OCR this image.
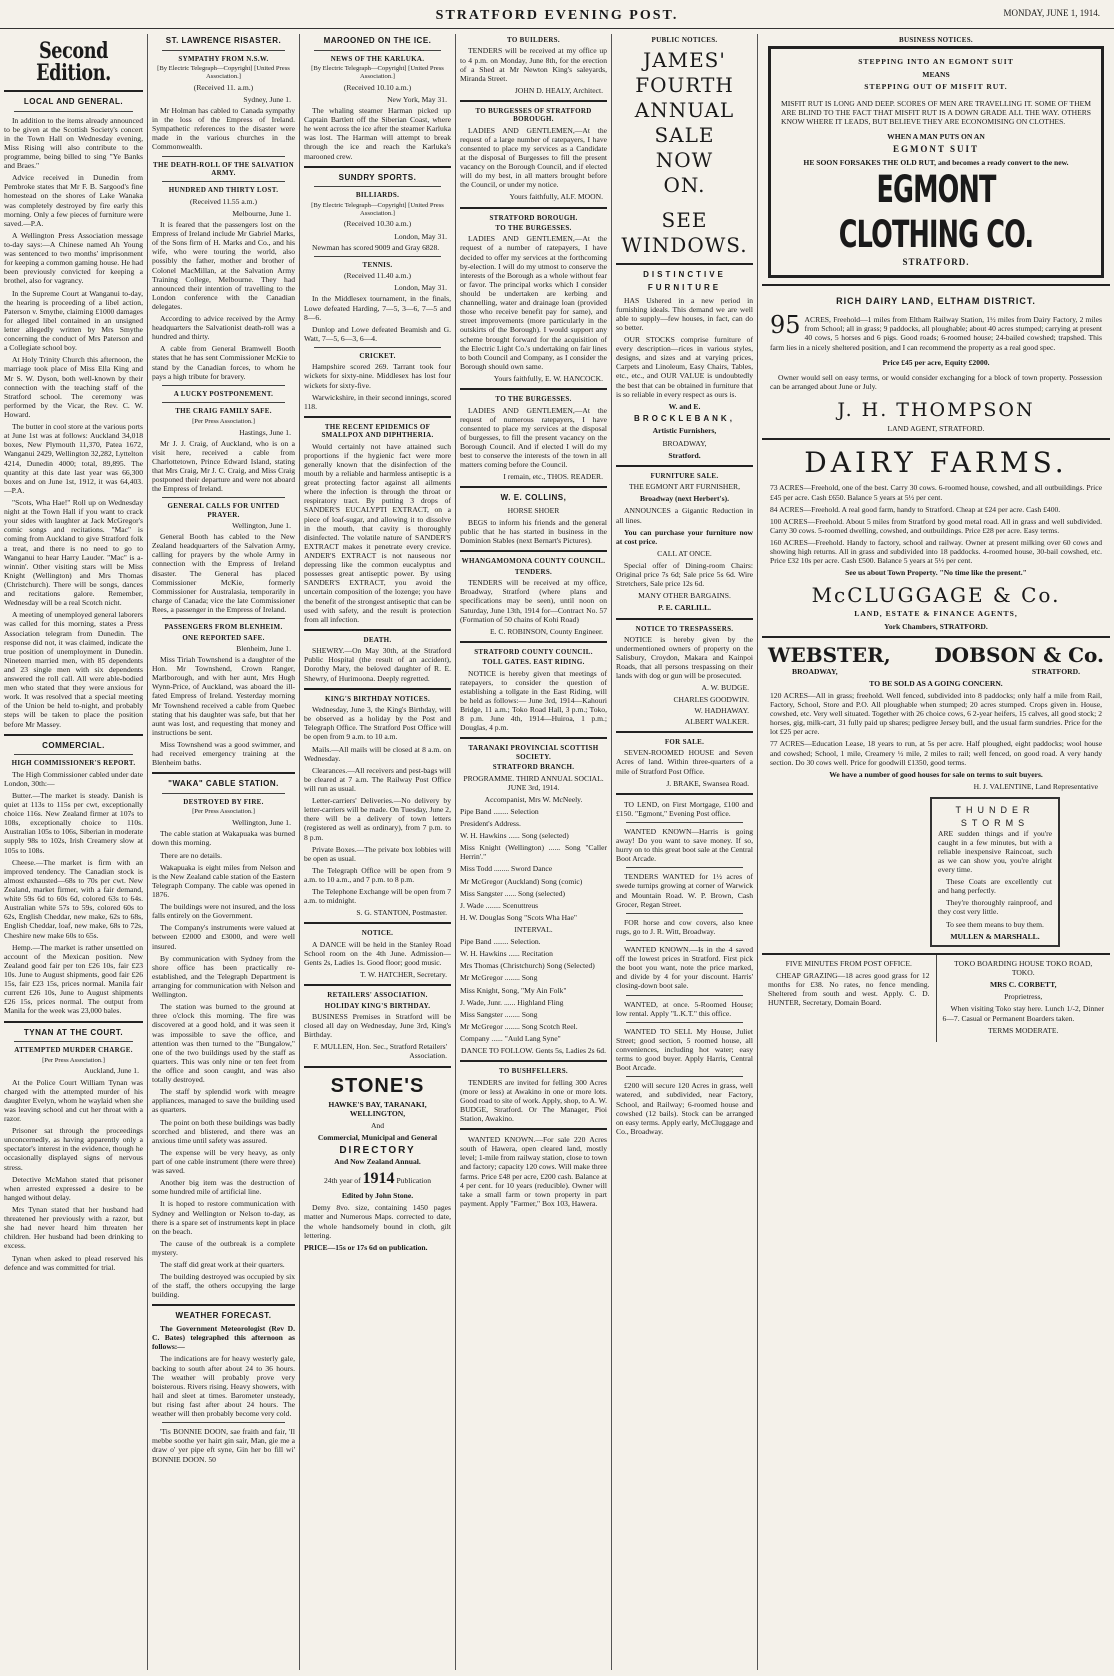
STRATFORD EVENING POST.	MONDAY, JUNE 1, 1914.
Second Edition.
LOCAL AND GENERAL.

In addition to the items already announced to be given at the Scottish Society's concert in the Town Hall on Wednesday evening, Miss Rising will also contribute to the programme, being billed to sing "Ye Banks and Braes."

Advice received in Dunedin from Pembroke states that Mr F. B. Sargood's fine homestead on the shores of Lake Wanaka was completely destroyed by fire early this morning. Only a few pieces of furniture were saved.—P.A.

A Wellington Press Association message to-day says:—A Chinese named Ah Young was sentenced to two months' imprisonment for keeping a common gaming house. He had been previously convicted for keeping a brothel, also for vagrancy.

In the Supreme Court at Wanganui to-day, the hearing is proceeding of a libel action, Paterson v. Smythe, claiming £1000 damages for alleged libel contained in an unsigned letter allegedly written by Mrs Smythe concerning the conduct of Mrs Paterson and a Collegiate school boy.

At Holy Trinity Church this afternoon, the marriage took place of Miss Ella King and Mr S. W. Dyson, both well-known by their connection with the teaching staff of the Stratford school. The ceremony was performed by the Vicar, the Rev. C. W. Howard.

The butter in cool store at the various ports at June 1st was at follows: Auckland 34,018 boxes, New Plymouth 11,370, Patea 1672, Wanganui 2429, Wellington 32,282, Lyttelton 4214, Dunedin 4000; total, 89,895. The quantity at this date last year was 66,300 boxes and on June 1st, 1912, it was 64,403.—P.A.

"Scots, Wha Hae!" Roll up on Wednesday night at the Town Hall if you want to crack your sides with laughter at Jack McGregor's comic songs and recitations. "Mac" is coming from Auckland to give Stratford folk a treat, and there is no need to go to Wanganui to hear Harry Lauder. "Mac" is a-winnin'. Other visiting stars will be Miss Knight (Wellington) and Mrs Thomas (Christchurch). There will be songs, dances and recitations galore. Remember, Wednesday will be a real Scotch nicht.

A meeting of unemployed general laborers was called for this morning, states a Press Association telegram from Dunedin. The response did not, it was claimed, indicate the true position of unemployment in Dunedin. Nineteen married men, with 85 dependents and 23 single men with six dependents answered the roll call. All were able-bodied men who stated that they were anxious for work. It was resolved that a special meeting of the Union be held to-night, and probably steps will be taken to place the position before Mr Massey.

COMMERCIAL.
HIGH COMMISSIONER'S REPORT.

The High Commissioner cabled under date London, 30th:—

Butter.—The market is steady. Danish is quiet at 113s to 115s per cwt, exceptionally choice 116s. New Zealand firmer at 107s to 108s, exceptionally choice to 110s. Australian 105s to 106s, Siberian in moderate supply 98s to 102s, Irish Creamery slow at 105s to 108s.

Cheese.—The market is firm with an improved tendency. The Canadian stock is almost exhausted—68s to 70s per cwt. New Zealand, market firmer, with a fair demand, white 59s 6d to 60s 6d, colored 63s to 64s. Australian white 57s to 59s, colored 60s to 62s, English Cheddar, new make, 62s to 68s, English Cheddar, loaf, new make, 68s to 72s, Cheshire new make 60s to 65s.

Hemp.—The market is rather unsettled on account of the Mexican position. New Zealand good fair per ton £26 10s, fair £23 10s. June to August shipments, good fair £26 15s, fair £23 15s, prices normal. Manila fair current £26 10s, June to August shipments £26 15s, prices normal. The output from Manila for the week was 23,000 bales.

TYNAN AT THE COURT.
ATTEMPTED MURDER CHARGE.

[Per Press Association.]

Auckland, June 1.

At the Police Court William Tynan was charged with the attempted murder of his daughter Evelyn, whom he waylaid when she was leaving school and cut her throat with a razor.

Prisoner sat through the proceedings unconcernedly, as having apparently only a spectator's interest in the evidence, though he occasionally displayed signs of nervous stress.

Detective McMahon stated that prisoner when arrested expressed a desire to be hanged without delay.

Mrs Tynan stated that her husband had threatened her previously with a razor, but she had never heard him threaten her children. Her husband had been drinking to excess.

Tynan when asked to plead reserved his defence and was committed for trial.

ST. LAWRENCE RISASTER.
SYMPATHY FROM N.S.W.

[By Electric Telegraph—Copyright] [United Press Association.]

(Received 11. a.m.)

Sydney, June 1.

Mr Holman has cabled to Canada sympathy in the loss of the Empress of Ireland. Sympathetic references to the disaster were made in the various churches in the Commonwealth.

THE DEATH-ROLL OF THE SALVATION ARMY.
HUNDRED AND THIRTY LOST.

(Received 11.55 a.m.)

Melbourne, June 1.

It is feared that the passengers lost on the Empress of Ireland include Mr Gabriel Marks, of the Sons firm of H. Marks and Co., and his wife, who were touring the world, also possibly the father, mother and brother of Colonel MacMillan, at the Salvation Army Training College, Melbourne. They had announced their intention of travelling to the London conference with the Canadian delegates.

According to advice received by the Army headquarters the Salvationist death-roll was a hundred and thirty.

A cable from General Bramwell Booth states that he has sent Commissioner McKie to stand by the Canadian forces, to whom he pays a high tribute for bravery.

A LUCKY POSTPONEMENT.
THE CRAIG FAMILY SAFE.

[Per Press Association.]

Hastings, June 1.

Mr J. J. Craig, of Auckland, who is on a visit here, received a cable from Charlottetown, Prince Edward Island, stating that Mrs Craig, Mr J. C. Craig, and Miss Craig postponed their departure and were not aboard the Empress of Ireland.

GENERAL CALLS FOR UNITED PRAYER.

Wellington, June 1.

General Booth has cabled to the New Zealand headquarters of the Salvation Army, calling for prayers by the whole Army in connection with the Empress of Ireland disaster. The General has placed Commissioner McKie, formerly Commissioner for Australasia, temporarily in charge of Canada; vice the late Commissioner Rees, a passenger in the Empress of Ireland.

PASSENGERS FROM BLENHEIM.
ONE REPORTED SAFE.

Blenheim, June 1.

Miss Tiriah Townshend is a daughter of the Hon. Mr Townshend, Crown Ranger, Marlborough, and with her aunt, Mrs Hugh Wynn-Price, of Auckland, was aboard the ill-fated Empress of Ireland. Yesterday morning Mr Townshend received a cable from Quebec stating that his daughter was safe, but that her aunt was lost, and requesting that money and instructions be sent.

Miss Townshend was a good swimmer, and had received emergency training at the Blenheim baths.

"WAKA" CABLE STATION.
DESTROYED BY FIRE.

[Per Press Association.]

Wellington, June 1.

The cable station at Wakapuaka was burned down this morning.

There are no details.

Wakapuaka is eight miles from Nelson and is the New Zealand cable station of the Eastern Telegraph Company. The cable was opened in 1876.

The buildings were not insured, and the loss falls entirely on the Government.

The Company's instruments were valued at between £2000 and £3000, and were well insured.

By communication with Sydney from the shore office has been practically re-established, and the Telegraph Department is arranging for communication with Nelson and Wellington.

The station was burned to the ground at three o'clock this morning. The fire was discovered at a good hold, and it was seen it was impossible to save the office, and attention was then turned to the "Bungalow," one of the two buildings used by the staff as quarters. This was only nine or ten feet from the office and soon caught, and was also totally destroyed.

The staff by splendid work with meagre appliances, managed to save the building used as quarters.

The point on both these buildings was badly scorched and blistered, and there was an anxious time until safety was assured.

The expense will be very heavy, as only part of one cable instrument (there were three) was saved.

Another big item was the destruction of some hundred mile of artificial line.

It is hoped to restore communication with Sydney and Wellington or Nelson to-day, as there is a spare set of instruments kept in place on the beach.

The cause of the outbreak is a complete mystery.

The staff did great work at their quarters.

The building destroyed was occupied by six of the staff, the others occupying the large building.

WEATHER FORECAST.

The Government Meteorologist (Rev D. C. Bates) telegraphed this afternoon as follows:—

The indications are for heavy westerly gale, backing to south after about 24 to 36 hours. The weather will probably prove very boisterous. Rivers rising. Heavy showers, with hail and sleet at times. Barometer unsteady, but rising fast after about 24 hours. The weather will then probably become very cold.

'Tis BONNIE DOON, sae fraith and fair, 'Il mebbe soothe yer hairt gin sair, Man, gie me a draw o' yer pipe eft syne, Gin her bo fill wi' BONNIE DOON. 50

MAROONED ON THE ICE.
NEWS OF THE KARLUKA.

[By Electric Telegraph—Copyright] [United Press Association.]

(Received 10.10 a.m.)

New York, May 31.

The whaling steamer Harman picked up Captain Bartlett off the Siberian Coast, where he went across the ice after the steamer Karluka was lost. The Harman will attempt to break through the ice and reach the Karluka's marooned crew.

SUNDRY SPORTS.
BILLIARDS.

[By Electric Telegraph—Copyright] [United Press Association.]

(Received 10.30 a.m.)

London, May 31.

Newman has scored 9009 and Gray 6828.

TENNIS.

(Received 11.40 a.m.)

London, May 31.

In the Middlesex tournament, in the finals, Lowe defeated Harding, 7—5, 3—6, 7—5 and 8—6.

Dunlop and Lowe defeated Beamish and G. Watt, 7—5, 6—3, 6—4.

CRICKET.

Hampshire scored 269. Tarrant took four wickets for sixty-nine. Middlesex has lost four wickets for sixty-five.

Warwickshire, in their second innings, scored 118.

THE RECENT EPIDEMICS OF SMALLPOX AND DIPHTHERIA.

Would certainly not have attained such proportions if the hygienic fact were more generally known that the disinfection of the mouth by a reliable and harmless antiseptic is a great protecting factor against all ailments where the infection is through the throat or respiratory tract. By putting 3 drops of SANDER'S EUCALYPTI EXTRACT, on a piece of loaf-sugar, and allowing it to dissolve in the mouth, that cavity is thoroughly disinfected. The volatile nature of SANDER'S EXTRACT makes it penetrate every crevice. ANDER'S EXTRACT is not nauseous nor depressing like the common eucalyptus and possesses great antiseptic power. By using SANDER'S EXTRACT, you avoid the uncertain composition of the lozenge; you have the benefit of the strongest antiseptic that can be used with safety, and the result is protection from all infection.

DEATH.

SHEWRY.—On May 30th, at the Stratford Public Hospital (the result of an accident), Dorothy Mary, the beloved daughter of R. E. Shewry, of Hurimoona. Deeply regretted.

KING'S BIRTHDAY NOTICES.

Wednesday, June 3, the King's Birthday, will be observed as a holiday by the Post and Telegraph Office. The Stratford Post Office will be open from 9 a.m. to 10 a.m.

Mails.—All mails will be closed at 8 a.m. on Wednesday.

Clearances.—All receivers and pest-bags will be cleared at 7 a.m. The Railway Post Office will run as usual.

Letter-carriers' Deliveries.—No delivery by letter-carriers will be made. On Tuesday, June 2, there will be a delivery of town letters (registered as well as ordinary), from 7 p.m. to 8 p.m.

Private Boxes.—The private box lobbies will be open as usual.

The Telegraph Office will be open from 9 a.m. to 10 a.m., and 7 p.m. to 8 p.m.

The Telephone Exchange will be open from 7 a.m. to midnight.

S. G. STANTON, Postmaster.

NOTICE.

A DANCE will be held in the Stanley Road School room on the 4th June. Admission—Gents 2s, Ladies 1s. Good floor; good music.

T. W. HATCHER, Secretary.

RETAILERS' ASSOCIATION.
HOLIDAY KING'S BIRTHDAY.

BUSINESS Premises in Stratford will be closed all day on Wednesday, June 3rd, King's Birthday.

F. MULLEN, Hon. Sec., Stratford Retailers' Association.

STONE'S

HAWKE'S BAY, TARANAKI, WELLINGTON,

And

Commercial, Municipal and General

DIRECTORY

And Now Zealand Annual.

24th year of 1914 Publication

Edited by John Stone.

Demy 8vo. size, containing 1450 pages matter and Numerous Maps. corrected to date, the whole handsomely bound in cloth, gilt lettering.

PRICE—15s or 17s 6d on publication.

TO BUILDERS.

TENDERS will be received at my office up to 4 p.m. on Monday, June 8th, for the erection of a Shed at Mr Newton King's saleyards, Miranda Street.

JOHN D. HEALY, Architect.

TO BURGESSES OF STRATFORD BOROUGH.

LADIES AND GENTLEMEN,—At the request of a large number of ratepayers, I have consented to place my services as a Candidate at the disposal of Burgesses to fill the present vacancy on the Borough Council, and if elected will do my best, in all matters brought before the Council, or under my notice.

Yours faithfully, ALF. MOON.

STRATFORD BOROUGH.
TO THE BURGESSES.

LADIES AND GENTLEMEN,—At the request of a number of ratepayers, I have decided to offer my services at the forthcoming by-election. I will do my utmost to conserve the interests of the Borough as a whole without fear or favor. The principal works which I consider should be undertaken are kerbing and channelling, water and drainage loan (provided those who receive benefit pay for same), and street improvements (more particularly in the outskirts of the Borough). I would support any scheme brought forward for the acquisition of the Electric Light Co.'s undertaking on fair lines to both Council and Company, as I consider the Borough should own same.

Yours faithfully, E. W. HANCOCK.

TO THE BURGESSES.

LADIES AND GENTLEMEN,—At the request of numerous ratepayers, I have consented to place my services at the disposal of burgesses, to fill the present vacancy on the Borough Council. And if elected I will do my best to conserve the interests of the town in all matters coming before the Council.

I remain, etc., THOS. READER.

W. E. COLLINS,

HORSE SHOER

BEGS to inform his friends and the general public that he has started in business in the Dominion Stables (next Bernart's Pictures).

WHANGAMOMONA COUNTY COUNCIL.
TENDERS.

TENDERS will be received at my office, Broadway, Stratford (where plans and specifications may be seen), until noon on Saturday, June 13th, 1914 for—Contract No. 57 (Formation of 50 chains of Kohi Road)

E. C. ROBINSON, County Engineer.

STRATFORD COUNTY COUNCIL.
TOLL GATES. EAST RIDING.

NOTICE is hereby given that meetings of ratepayers, to consider the question of establishing a tollgate in the East Riding, will be held as follows:— June 3rd, 1914—Kahouri Bridge, 11 a.m.; Toko Road Hall, 3 p.m.; Toko, 8 p.m. June 4th, 1914—Huiroa, 1 p.m.; Douglas, 4 p.m.

TARANAKI PROVINCIAL SCOTTISH SOCIETY.
STRATFORD BRANCH.

PROGRAMME. THIRD ANNUAL SOCIAL. JUNE 3rd, 1914.

Accompanist, Mrs W. McNeely.

Pipe Band ........ Selection

President's Address.

W. H. Hawkins ...... Song (selected)

Miss Knight (Wellington) ...... Song "Caller Herrin'."

Miss Todd ........ Sword Dance

Mr McGregor (Auckland) Song (comic)

Miss Sangster ...... Song (selected)

J. Wade ........ Scenuttreus

H. W. Douglas Song "Scots Wha Hae"

INTERVAL.

Pipe Band ........ Selection.

W. H. Hawkins ...... Recitation

Mrs Thomas (Christchurch) Song (Selected)

Mr McGregor ........ Song

Miss Knight, Song, "My Ain Folk"

J. Wade, Junr. ...... Highland Fling

Miss Sangster ........ Song

Mr McGregor ........ Song Scotch Reel.

Company ...... "Auld Lang Syne"

DANCE TO FOLLOW. Gents 5s, Ladies 2s 6d.

TO BUSHFELLERS.

TENDERS are invited for felling 300 Acres (more or less) at Awakino in one or more lots. Good road to site of work. Apply, shop, to A. W. BUDGE, Stratford. Or The Manager, Pioi Station, Awakino.

WANTED KNOWN.—For sale 220 Acres south of Hawera, open cleared land, mostly level; 1-mile from railway station, close to town and factory; capacity 120 cows. Will make three farms. Price £48 per acre, £200 cash. Balance at 4 per cent. for 10 years (reducible). Owner will take a small farm or town property in part payment. Apply "Farmer," Box 103, Hawera.

PUBLIC NOTICES.
JAMES'
FOURTH
ANNUAL
SALE
NOW
ON.
SEE
WINDOWS.
DISTINCTIVE
FURNITURE

HAS Ushered in a new period in furnishing ideals. This demand we are well able to supply—few houses, in fact, can do so better.

OUR STOCKS comprise furniture of every description—rices in various styles, designs, and sizes and at varying prices, Carpets and Linoleum, Easy Chairs, Tables, etc., etc., and OUR VALUE is undoubtedly the best that can be obtained in furniture that is so reliable in every respect as ours is.

W. and E.

BROCKLEBANK,

Artistic Furnishers,

BROADWAY,

Stratford.

FURNITURE SALE.

THE EGMONT ART FURNISHER,

Broadway (next Herbert's).

ANNOUNCES a Gigantic Reduction in all lines.

You can purchase your furniture now at cost price.

CALL AT ONCE.

Special offer of Dining-room Chairs: Original price 7s 6d; Sale price 5s 6d. Wire Stretchers, Sale price 12s 6d.

MANY OTHER BARGAINS.

P. E. CARLILL.

NOTICE TO TRESPASSERS.

NOTICE is hereby given by the undermentioned owners of property on the Salisbury, Croydon, Makara and Kainpoi Roads, that all persons trespassing on their lands with dog or gun will be prosecuted.

A. W. BUDGE.

CHARLES GOODWIN.

W. HADHAWAY.

ALBERT WALKER.

FOR SALE.

SEVEN-ROOMED HOUSE and Seven Acres of land. Within three-quarters of a mile of Stratford Post Office.

J. BRAKE, Swansea Road.

TO LEND, on First Mortgage, £100 and £150. "Egmont," Evening Post office.

WANTED KNOWN—Harris is going away! Do you want to save money. If so, hurry on to this great boot sale at the Central Boot Arcade.

TENDERS WANTED for 1½ acres of swede turnips growing at corner of Warwick and Mountain Road. W. P. Brown, Cash Grocer, Regan Street.

FOR horse and cow covers, also knee rugs, go to J. R. Witt, Broadway.

WANTED KNOWN.—Is in the 4 saved off the lowest prices in Stratford. First pick the boot you want, note the price marked, and divide by 4 for your discount. Harris' closing-down boot sale.

WANTED, at once. 5-Roomed House; low rental. Apply "L.K.T." this office.

WANTED TO SELL My House, Juliet Street; good section, 5 roomed house, all conveniences, including hot water; easy terms to good buyer. Apply Harris, Central Boot Arcade.

£200 will secure 120 Acres in grass, well watered, and subdivided, near Factory, School, and Railway; 6-roomed house and cowshed (12 bails). Stock can be arranged on easy terms. Apply early, McCluggage and Co., Broadway.

BUSINESS NOTICES.

STEPPING INTO AN EGMONT SUIT

MEANS

STEPPING OUT OF MISFIT RUT.

MISFIT RUT IS LONG AND DEEP. SCORES OF MEN ARE TRAVELLING IT. SOME OF THEM ARE BLIND TO THE FACT THAT MISFIT RUT IS A DOWN GRADE ALL THE WAY. OTHERS KNOW WHERE IT LEADS, BUT BELIEVE THEY ARE ECONOMISING ON CLOTHES.

WHEN A MAN PUTS ON AN

EGMONT SUIT

HE SOON FORSAKES THE OLD RUT, and becomes a ready convert to the new.

EGMONT CLOTHING CO.

STRATFORD.

RICH DAIRY LAND, ELTHAM DISTRICT.
95 ACRES, Freehold—1 miles from Eltham Railway Station, 1½ miles from Dairy Factory, 2 miles from School; all in grass; 9 paddocks, all ploughable; about 40 acres stumped; carrying at present 40 cows, 5 horses and 6 pigs. Good roads; 6-roomed house; 24-bailed cowshed; trapshed. This farm lies in a nicely sheltered position, and I can recommend the property as a real good spec.

Price £45 per acre, Equity £2000.

Owner would sell on easy terms, or would consider exchanging for a block of town property. Possession can be arranged about June or July.

J. H. THOMPSON

LAND AGENT, STRATFORD.

DAIRY FARMS.

73 ACRES—Freehold, one of the best. Carry 30 cows. 6-roomed house, cowshed, and all outbuildings. Price £45 per acre. Cash £650. Balance 5 years at 5½ per cent.

84 ACRES—Freehold. A real good farm, handy to Stratford. Cheap at £24 per acre. Cash £400.

100 ACRES—Freehold. About 5 miles from Stratford by good metal road. All in grass and well subdivided. Carry 30 cows. 5-roomed dwelling, cowshed, and outbuildings. Price £28 per acre. Easy terms.

160 ACRES—Freehold. Handy to factory, school and railway. Owner at present milking over 60 cows and showing high returns. All in grass and subdivided into 18 paddocks. 4-roomed house, 30-bail cowshed, etc. Price £32 10s per acre. Cash £500. Balance 5 years at 5½ per cent.

See us about Town Property. "No time like the present."

McCLUGGAGE & Co.

LAND, ESTATE & FINANCE AGENTS,

York Chambers, STRATFORD.

WEBSTER, DOBSON & Co.
BROADWAY,	STRATFORD.

TO BE SOLD AS A GOING CONCERN.

120 ACRES—All in grass; freehold. Well fenced, subdivided into 8 paddocks; only half a mile from Rail, Factory, School, Store and P.O. All ploughable when stumped; 20 acres stumped. Crops given in. House, cowshed, etc. Very well situated. Together with 26 choice cows, 6 2-year heifers, 15 calves, all good stock; 2 horses, gig, milk-cart, 31 fully paid up shares; pedigree Jersey bull, and the usual farm sundries. Price for the lot £25 per acre.

77 ACRES—Education Lease, 18 years to run, at 5s per acre. Half ploughed, eight paddocks; wool house and cowshed; School, 1 mile, Creamery ½ mile, 2 miles to rail; well fenced, on good road. A very handy section. Do 30 cows well. Price for goodwill £1350, good terms.

We have a number of good houses for sale on terms to suit buyers.

H. J. VALENTINE, Land Representative

THUNDER
STORMS

ARE sudden things and if you're caught in a few minutes, but with a reliable inexpensive Raincoat, such as we can show you, you're alright every time.

These Coats are excellently cut and hang perfectly.

They're thoroughly rainproof, and they cost very little.

To see them means to buy them.

MULLEN & MARSHALL.

FIVE MINUTES FROM POST OFFICE.

CHEAP GRAZING—18 acres good grass for 12 months for £38. No rates, no fence mending. Sheltered from south and west. Apply. C. D. HUNTER, Secretary, Domain Board.

TOKO BOARDING HOUSE TOKO ROAD, TOKO.

MRS C. CORBETT,

Proprietress,

When visiting Toko stay here. Lunch 1/-2, Dinner 6—7. Casual or Permanent Boarders taken.

TERMS MODERATE.
